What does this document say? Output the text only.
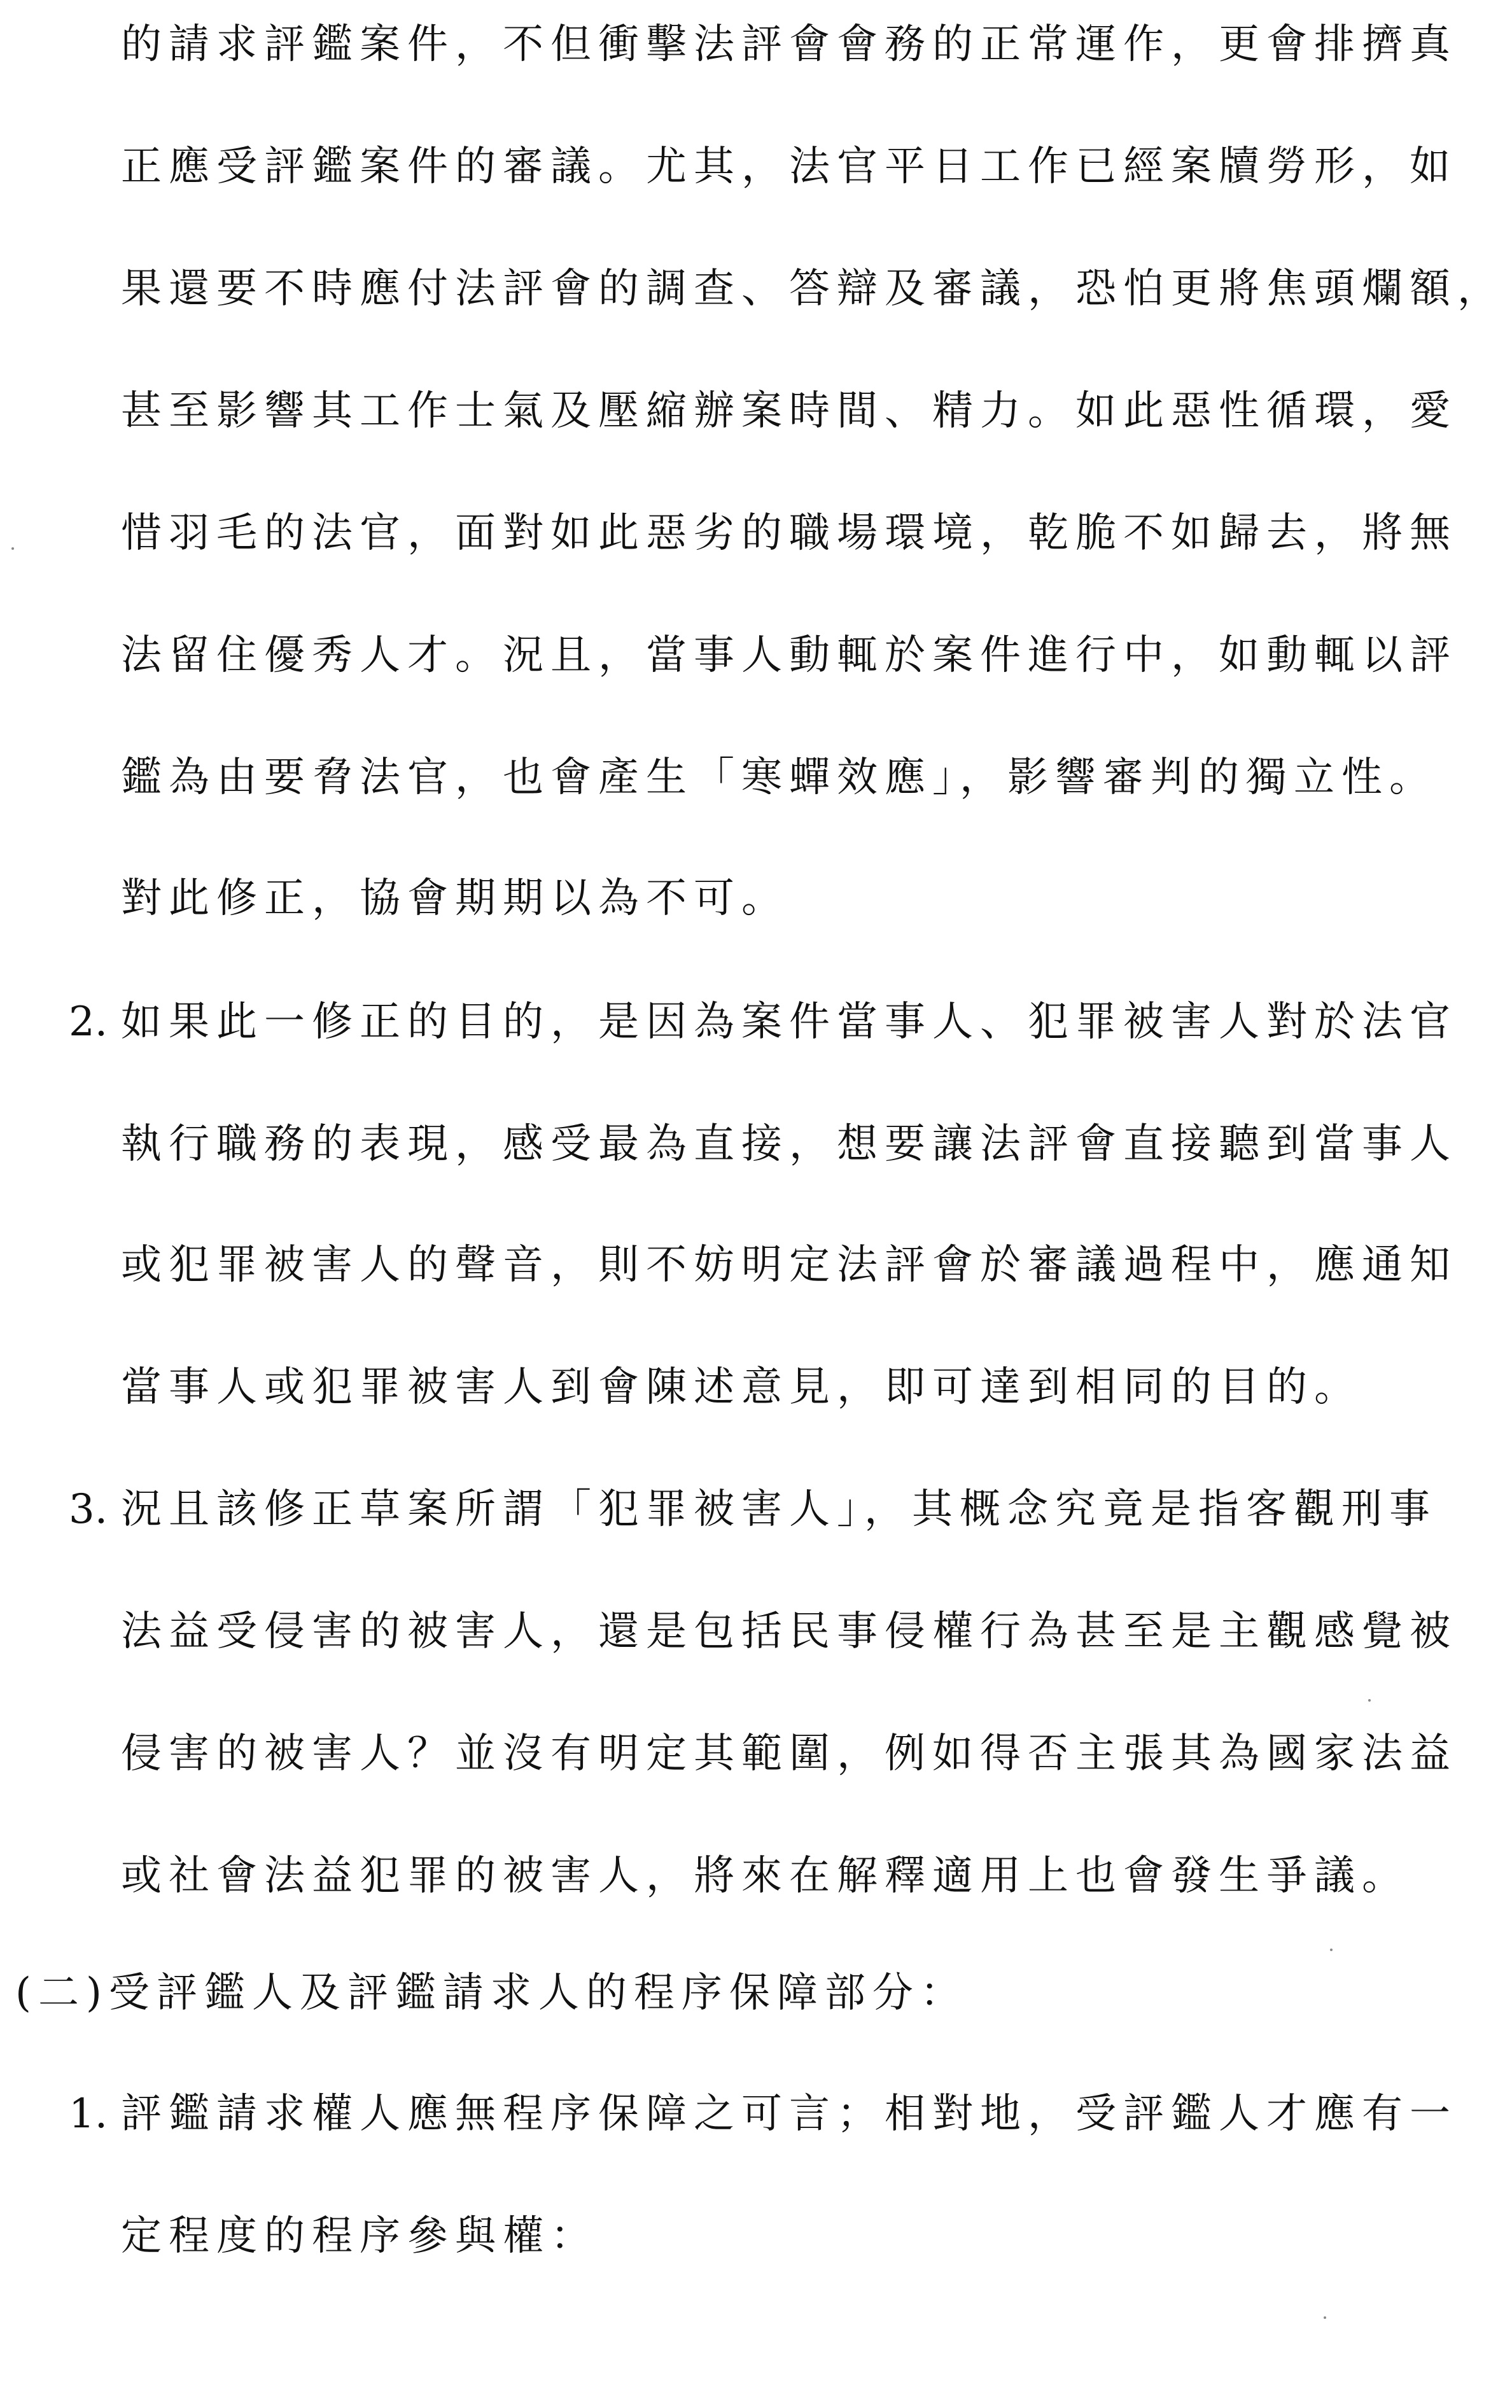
的請求評鑑案件，不但衝擊法評會會務的正常運作，更會排擠真
正應受評鑑案件的審議。尤其，法官平日工作已經案牘勞形，如
果還要不時應付法評會的調查、答辯及審議，恐怕更將焦頭爛額，
甚至影響其工作士氣及壓縮辦案時間、精力。如此惡性循環，愛
惜羽毛的法官，面對如此惡劣的職場環境，乾脆不如歸去，將無
法留住優秀人才。況且，當事人動輒於案件進行中，如動輒以評
鑑為由要脅法官，也會產生「寒蟬效應」，影響審判的獨立性。
對此修正，協會期期以為不可。
2. 如果此一修正的目的，是因為案件當事人、犯罪被害人對於法官
執行職務的表現，感受最為直接，想要讓法評會直接聽到當事人
或犯罪被害人的聲音，則不妨明定法評會於審議過程中，應通知
當事人或犯罪被害人到會陳述意見，即可達到相同的目的。
3. 況且該修正草案所謂「犯罪被害人」，其概念究竟是指客觀刑事
法益受侵害的被害人，還是包括民事侵權行為甚至是主觀感覺被
侵害的被害人？並沒有明定其範圍，例如得否主張其為國家法益
或社會法益犯罪的被害人，將來在解釋適用上也會發生爭議。
(二)受評鑑人及評鑑請求人的程序保障部分：
1. 評鑑請求權人應無程序保障之可言；相對地，受評鑑人才應有一
定程度的程序參與權：
